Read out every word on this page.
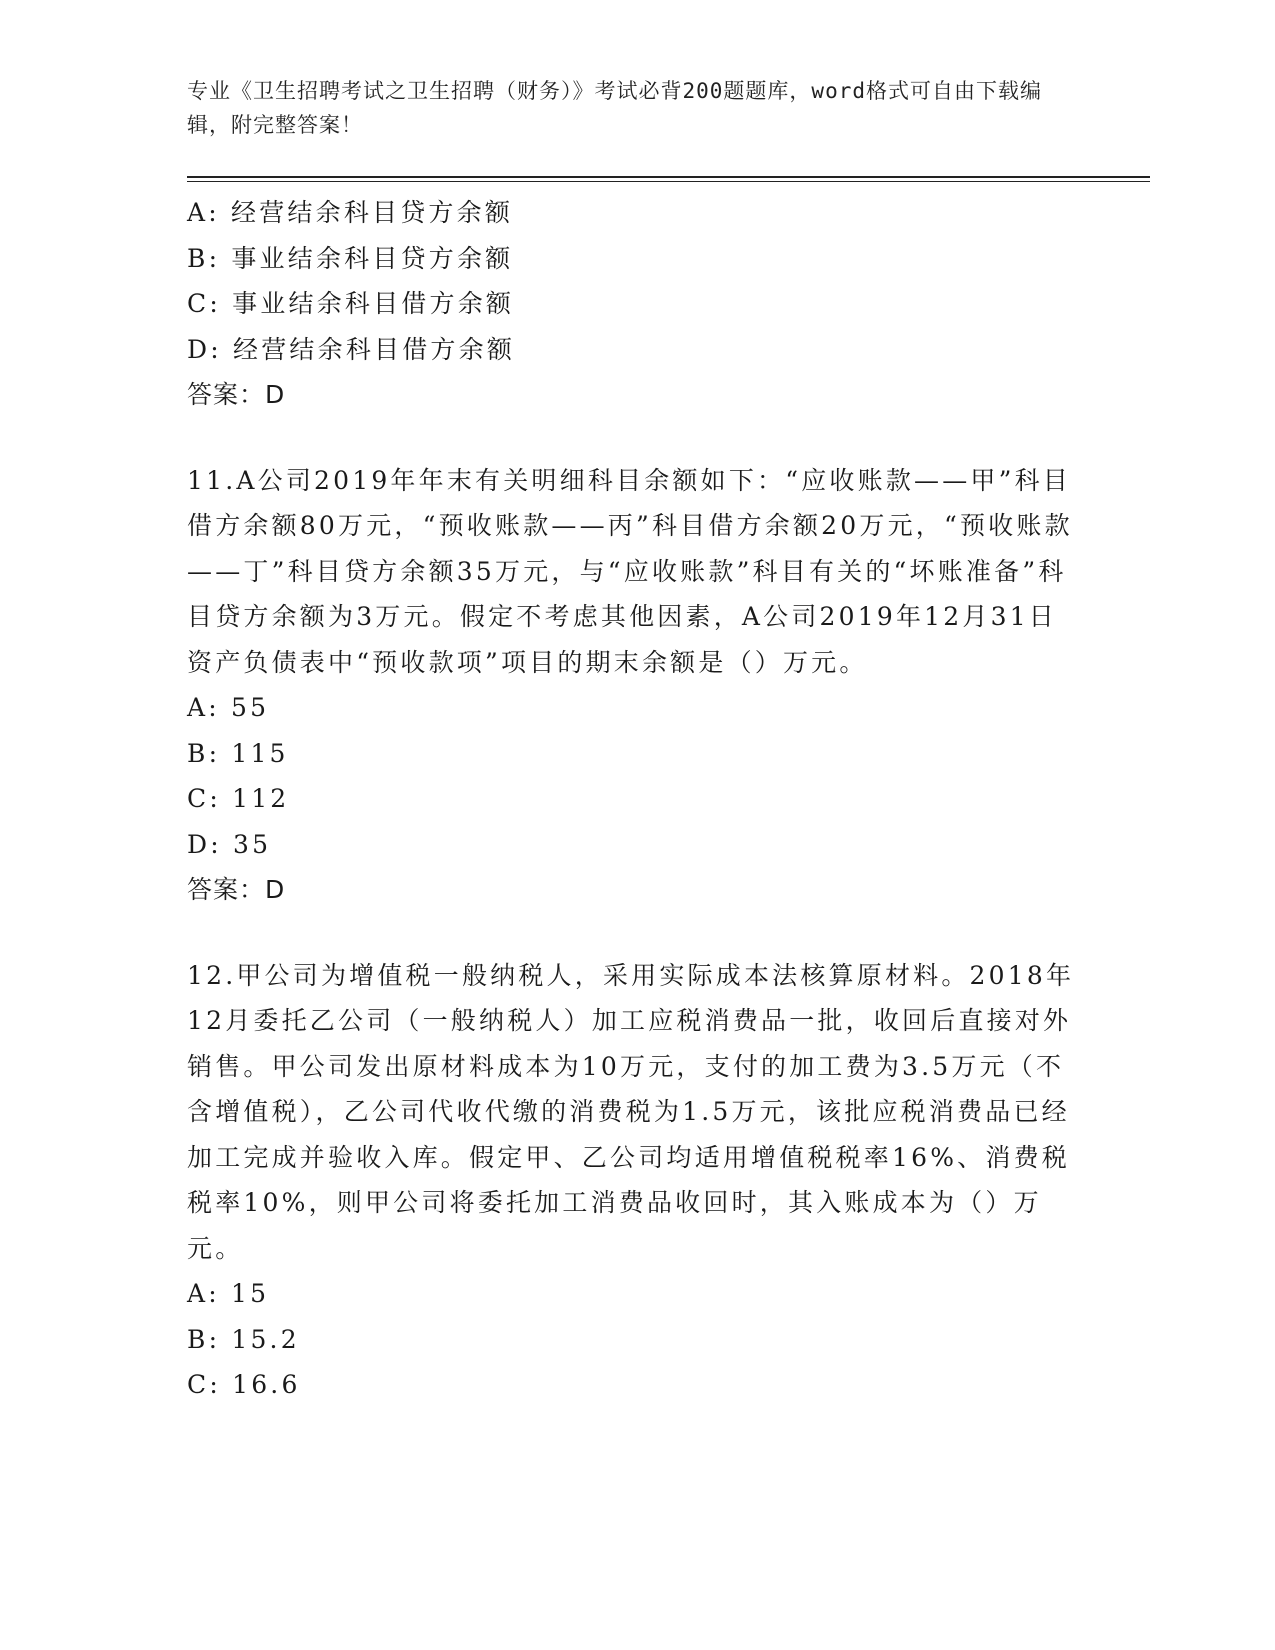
专业《卫生招聘考试之卫生招聘（财务）》考试必背200题题库，word格式可自由下载编辑，附完整答案！
A: 经营结余科目贷方余额
B: 事业结余科目贷方余额
C: 事业结余科目借方余额
D: 经营结余科目借方余额
答案：D
11.A公司2019年年末有关明细科目余额如下：“应收账款——甲”科目借方余额80万元，“预收账款——丙”科目借方余额20万元，“预收账款——丁”科目贷方余额35万元，与“应收账款”科目有关的“坏账准备”科目贷方余额为3万元。假定不考虑其他因素，A公司2019年12月31日资产负债表中“预收款项”项目的期末余额是（）万元。
A: 55
B: 115
C: 112
D: 35
答案：D
12.甲公司为增值税一般纳税人，采用实际成本法核算原材料。2018年12月委托乙公司（一般纳税人）加工应税消费品一批，收回后直接对外销售。甲公司发出原材料成本为10万元，支付的加工费为3.5万元（不含增值税），乙公司代收代缴的消费税为1.5万元，该批应税消费品已经加工完成并验收入库。假定甲、乙公司均适用增值税税率16%、消费税税率10%，则甲公司将委托加工消费品收回时，其入账成本为（）万元。
A: 15
B: 15.2
C: 16.6
